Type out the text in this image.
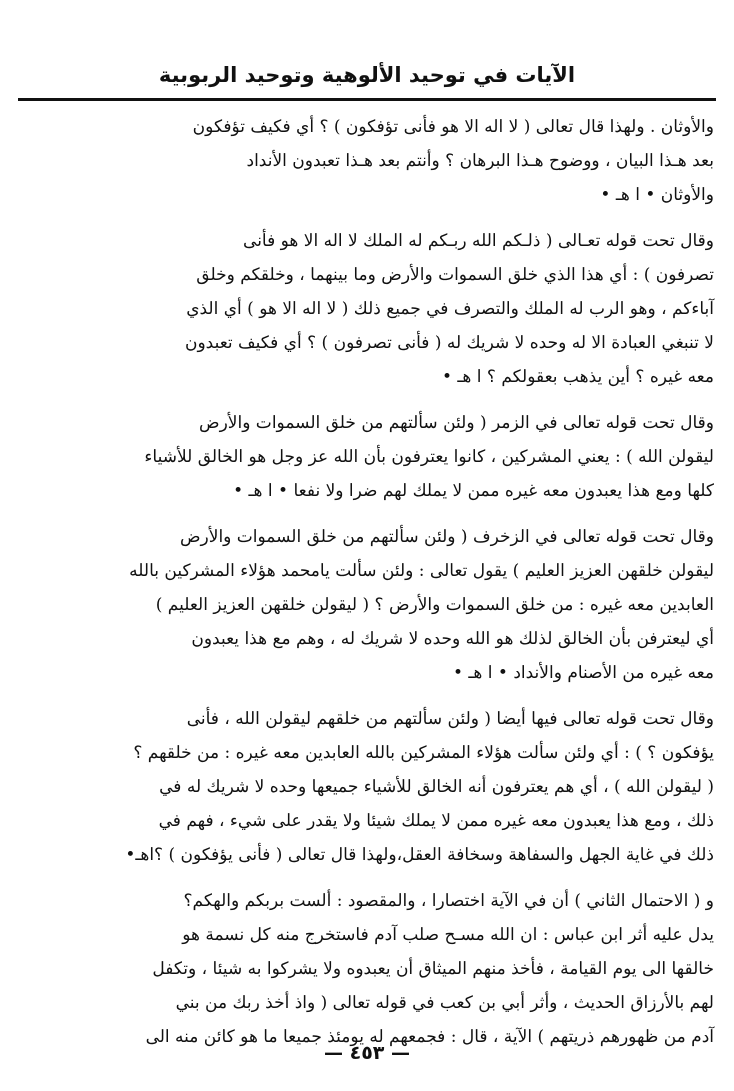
الآيات في توحيد الألوهية وتوحيد الربوبية
والأوثان . ولهذا قال تعالى ( لا اله الا هو فأنى تؤفكون ) ؟ أي فكيف تؤفكون
بعد هـذا البيان ، ووضوح هـذا البرهان ؟ وأنتم بعد هـذا تعبدون الأنداد
والأوثان • ا هـ •
وقال تحت قوله تعـالى ( ذلـكم الله ربـكم له الملك لا اله الا هو فأنى
تصرفون ) : أي هذا الذي خلق السموات والأرض وما بينهما ، وخلقكم وخلق
آباءكم ، وهو الرب له الملك والتصرف في جميع ذلك ( لا اله الا هو ) أي الذي
لا تنبغي العبادة الا له وحده لا شريك له ( فأنى تصرفون ) ؟ أي فكيف تعبدون
معه غيره ؟ أين يذهب بعقولكم ؟ ا هـ •
وقال تحت قوله تعالى في الزمر ( ولئن سألتهم من خلق السموات والأرض
ليقولن الله ) : يعني المشركين ، كانوا يعترفون بأن الله عز وجل هو الخالق للأشياء
كلها ومع هذا يعبدون معه غيره ممن لا يملك لهم ضرا ولا نفعا • ا هـ •
وقال تحت قوله تعالى في الزخرف ( ولئن سألتهم من خلق السموات والأرض
ليقولن خلقهن العزيز العليم ) يقول تعالى : ولئن سألت يامحمد هؤلاء المشركين بالله
العابدين معه غيره : من خلق السموات والأرض ؟ ( ليقولن خلقهن العزيز العليم )
أي ليعترفن بأن الخالق لذلك هو الله وحده لا شريك له ، وهم مع هذا يعبدون
معه غيره من الأصنام والأنداد • ا هـ •
وقال تحت قوله تعالى فيها أيضا ( ولئن سألتهم من خلقهم ليقولن الله ، فأنى
يؤفكون ؟ ) : أي ولئن سألت هؤلاء المشركين بالله العابدين معه غيره : من خلقهم ؟
( ليقولن الله ) ، أي هم يعترفون أنه الخالق للأشياء جميعها وحده لا شريك له في
ذلك ، ومع هذا يعبدون معه غيره ممن لا يملك شيئا ولا يقدر على شيء ، فهم في
ذلك في غاية الجهل والسفاهة وسخافة العقل،ولهذا قال تعالى ( فأنى يؤفكون ) ؟اهـ•
و ( الاحتمال الثاني ) أن في الآية اختصارا ، والمقصود : ألست بربكم والهكم؟
يدل عليه أثر ابن عباس : ان الله مسـح صلب آدم فاستخرج منه كل نسمة هو
خالقها الى يوم القيامة ، فأخذ منهم الميثاق أن يعبدوه ولا يشركوا به شيئا ، وتكفل
لهم بالأرزاق الحديث ، وأثر أبي بن كعب في قوله تعالى ( واذ أخذ ربك من بني
آدم من ظهورهم ذريتهم ) الآية ، قال : فجمعهم له يومئذ جميعا ما هو كائن منه الى
— ٤٥٣ —
